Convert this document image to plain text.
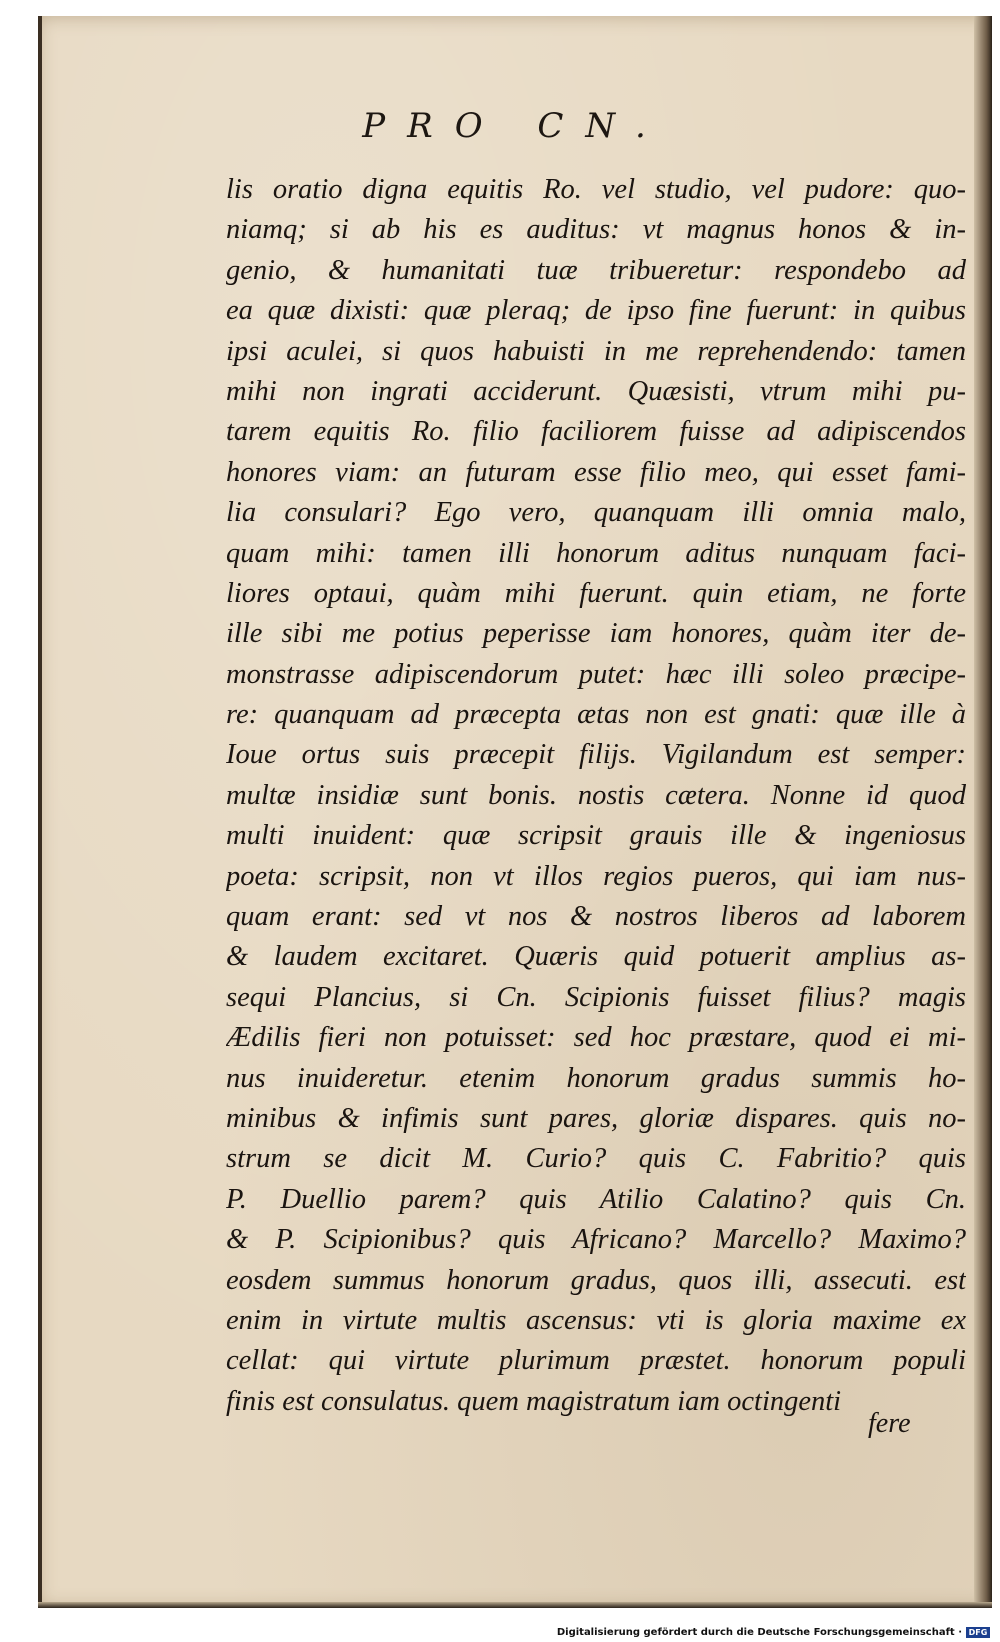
PRO CN.
lis oratio digna equitis Ro. vel studio, vel pudore: quo-
niamq; si ab his es auditus: vt magnus honos & in-
genio, & humanitati tuæ tribueretur: respondebo ad
ea quæ dixisti: quæ pleraq; de ipso fine fuerunt: in quibus
ipsi aculei, si quos habuisti in me reprehendendo: tamen
mihi non ingrati acciderunt. Quæsisti, vtrum mihi pu-
tarem equitis Ro. filio faciliorem fuisse ad adipiscendos
honores viam: an futuram esse filio meo, qui esset fami-
lia consulari? Ego vero, quanquam illi omnia malo,
quam mihi: tamen illi honorum aditus nunquam faci-
liores optaui, quàm mihi fuerunt. quin etiam, ne forte
ille sibi me potius peperisse iam honores, quàm iter de-
monstrasse adipiscendorum putet: hæc illi soleo præcipe-
re: quanquam ad præcepta ætas non est gnati: quæ ille à
Ioue ortus suis præcepit filijs. Vigilandum est semper:
multæ insidiæ sunt bonis. nostis cætera. Nonne id quod
multi inuident: quæ scripsit grauis ille & ingeniosus
poeta: scripsit, non vt illos regios pueros, qui iam nus-
quam erant: sed vt nos & nostros liberos ad laborem
& laudem excitaret. Quæris quid potuerit amplius as-
sequi Plancius, si Cn. Scipionis fuisset filius? magis
Ædilis fieri non potuisset: sed hoc præstare, quod ei mi-
nus inuideretur. etenim honorum gradus summis ho-
minibus & infimis sunt pares, gloriæ dispares. quis no-
strum se dicit M. Curio? quis C. Fabritio? quis
P. Duellio parem? quis Atilio Calatino? quis Cn.
& P. Scipionibus? quis Africano? Marcello? Maximo?
eosdem summus honorum gradus, quos illi, assecuti. est
enim in virtute multis ascensus: vti is gloria maxime ex
cellat: qui virtute plurimum præstet. honorum populi
finis est consulatus. quem magistratum iam octingenti
fere
Digitalisierung gefördert durch die Deutsche Forschungsgemeinschaft · DFG
